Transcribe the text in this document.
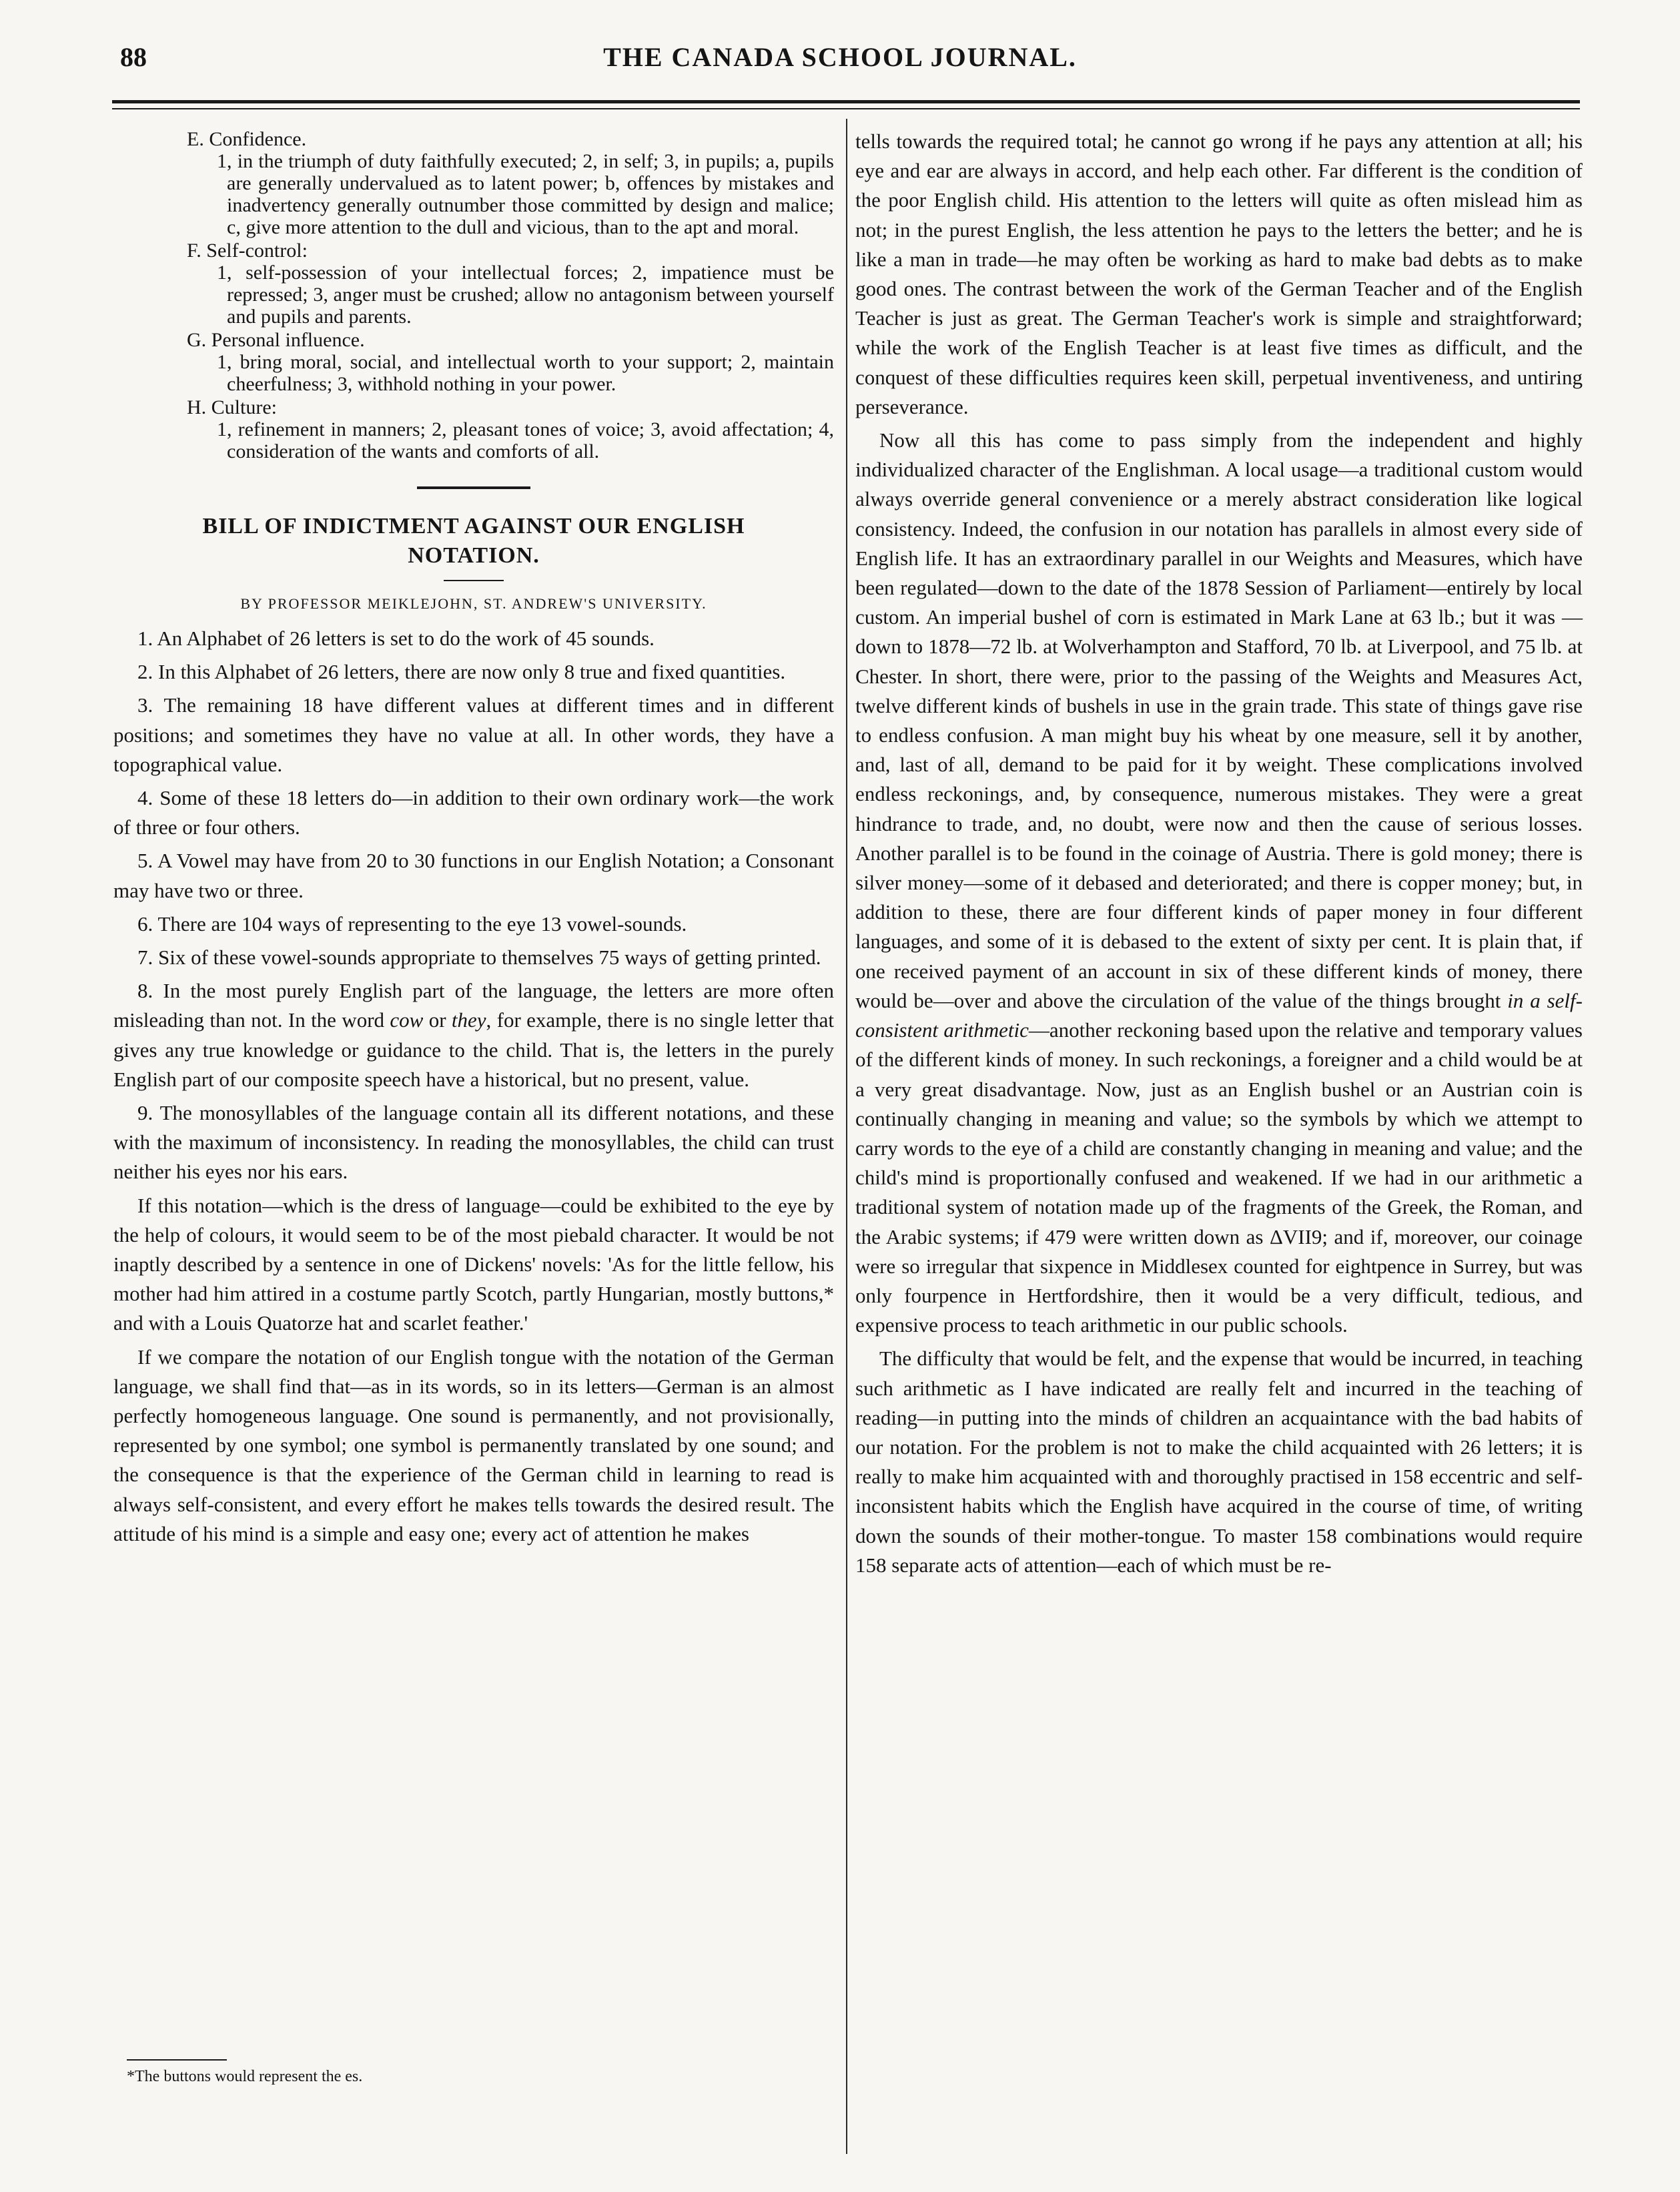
88	THE CANADA SCHOOL JOURNAL.
E. Confidence.
1, in the triumph of duty faithfully executed; 2, in self; 3, in pupils; a, pupils are generally undervalued as to latent power; b, offences by mistakes and inadvertency generally outnumber those committed by design and malice; c, give more attention to the dull and vicious, than to the apt and moral.
F. Self-control:
1, self-possession of your intellectual forces; 2, impatience must be repressed; 3, anger must be crushed; allow no antagonism between yourself and pupils and parents.
G. Personal influence.
1, bring moral, social, and intellectual worth to your support; 2, maintain cheerfulness; 3, withhold nothing in your power.
H. Culture:
1, refinement in manners; 2, pleasant tones of voice; 3, avoid affectation; 4, consideration of the wants and comforts of all.
BILL OF INDICTMENT AGAINST OUR ENGLISH NOTATION.
BY PROFESSOR MEIKLEJOHN, ST. ANDREW'S UNIVERSITY.

1. An Alphabet of 26 letters is set to do the work of 45 sounds.

2. In this Alphabet of 26 letters, there are now only 8 true and fixed quantities.

3. The remaining 18 have different values at different times and in different positions; and sometimes they have no value at all. In other words, they have a topographical value.

4. Some of these 18 letters do—in addition to their own ordinary work—the work of three or four others.

5. A Vowel may have from 20 to 30 functions in our English Notation; a Consonant may have two or three.

6. There are 104 ways of representing to the eye 13 vowel-sounds.

7. Six of these vowel-sounds appropriate to themselves 75 ways of getting printed.

8. In the most purely English part of the language, the letters are more often misleading than not. In the word cow or they, for example, there is no single letter that gives any true knowledge or guidance to the child. That is, the letters in the purely English part of our composite speech have a historical, but no present, value.

9. The monosyllables of the language contain all its different notations, and these with the maximum of inconsistency. In reading the monosyllables, the child can trust neither his eyes nor his ears.

If this notation—which is the dress of language—could be exhibited to the eye by the help of colours, it would seem to be of the most piebald character. It would be not inaptly described by a sentence in one of Dickens' novels: 'As for the little fellow, his mother had him attired in a costume partly Scotch, partly Hungarian, mostly buttons,* and with a Louis Quatorze hat and scarlet feather.'

If we compare the notation of our English tongue with the notation of the German language, we shall find that—as in its words, so in its letters—German is an almost perfectly homogeneous language. One sound is permanently, and not provisionally, represented by one symbol; one symbol is permanently translated by one sound; and the consequence is that the experience of the German child in learning to read is always self-consistent, and every effort he makes tells towards the desired result. The attitude of his mind is a simple and easy one; every act of attention he makes

tells towards the required total; he cannot go wrong if he pays any attention at all; his eye and ear are always in accord, and help each other. Far different is the condition of the poor English child. His attention to the letters will quite as often mislead him as not; in the purest English, the less attention he pays to the letters the better; and he is like a man in trade—he may often be working as hard to make bad debts as to make good ones. The contrast between the work of the German Teacher and of the English Teacher is just as great. The German Teacher's work is simple and straightforward; while the work of the English Teacher is at least five times as difficult, and the conquest of these difficulties requires keen skill, perpetual inventiveness, and untiring perseverance.

Now all this has come to pass simply from the independent and highly individualized character of the Englishman. A local usage—a traditional custom would always override general convenience or a merely abstract consideration like logical consistency. Indeed, the confusion in our notation has parallels in almost every side of English life. It has an extraordinary parallel in our Weights and Measures, which have been regulated—down to the date of the 1878 Session of Parliament—entirely by local custom. An imperial bushel of corn is estimated in Mark Lane at 63 lb.; but it was —down to 1878—72 lb. at Wolverhampton and Stafford, 70 lb. at Liverpool, and 75 lb. at Chester. In short, there were, prior to the passing of the Weights and Measures Act, twelve different kinds of bushels in use in the grain trade. This state of things gave rise to endless confusion. A man might buy his wheat by one measure, sell it by another, and, last of all, demand to be paid for it by weight. These complications involved endless reckonings, and, by consequence, numerous mistakes. They were a great hindrance to trade, and, no doubt, were now and then the cause of serious losses. Another parallel is to be found in the coinage of Austria. There is gold money; there is silver money—some of it debased and deteriorated; and there is copper money; but, in addition to these, there are four different kinds of paper money in four different languages, and some of it is debased to the extent of sixty per cent. It is plain that, if one received payment of an account in six of these different kinds of money, there would be—over and above the circulation of the value of the things brought in a self-consistent arithmetic—another reckoning based upon the relative and temporary values of the different kinds of money. In such reckonings, a foreigner and a child would be at a very great disadvantage. Now, just as an English bushel or an Austrian coin is continually changing in meaning and value; so the symbols by which we attempt to carry words to the eye of a child are constantly changing in meaning and value; and the child's mind is proportionally confused and weakened. If we had in our arithmetic a traditional system of notation made up of the fragments of the Greek, the Roman, and the Arabic systems; if 479 were written down as ΔVII9; and if, moreover, our coinage were so irregular that sixpence in Middlesex counted for eightpence in Surrey, but was only fourpence in Hertfordshire, then it would be a very difficult, tedious, and expensive process to teach arithmetic in our public schools.

The difficulty that would be felt, and the expense that would be incurred, in teaching such arithmetic as I have indicated are really felt and incurred in the teaching of reading—in putting into the minds of children an acquaintance with the bad habits of our notation. For the problem is not to make the child acquainted with 26 letters; it is really to make him acquainted with and thoroughly practised in 158 eccentric and self-inconsistent habits which the English have acquired in the course of time, of writing down the sounds of their mother-tongue. To master 158 combinations would require 158 separate acts of attention—each of which must be re-

*The buttons would represent the es.
